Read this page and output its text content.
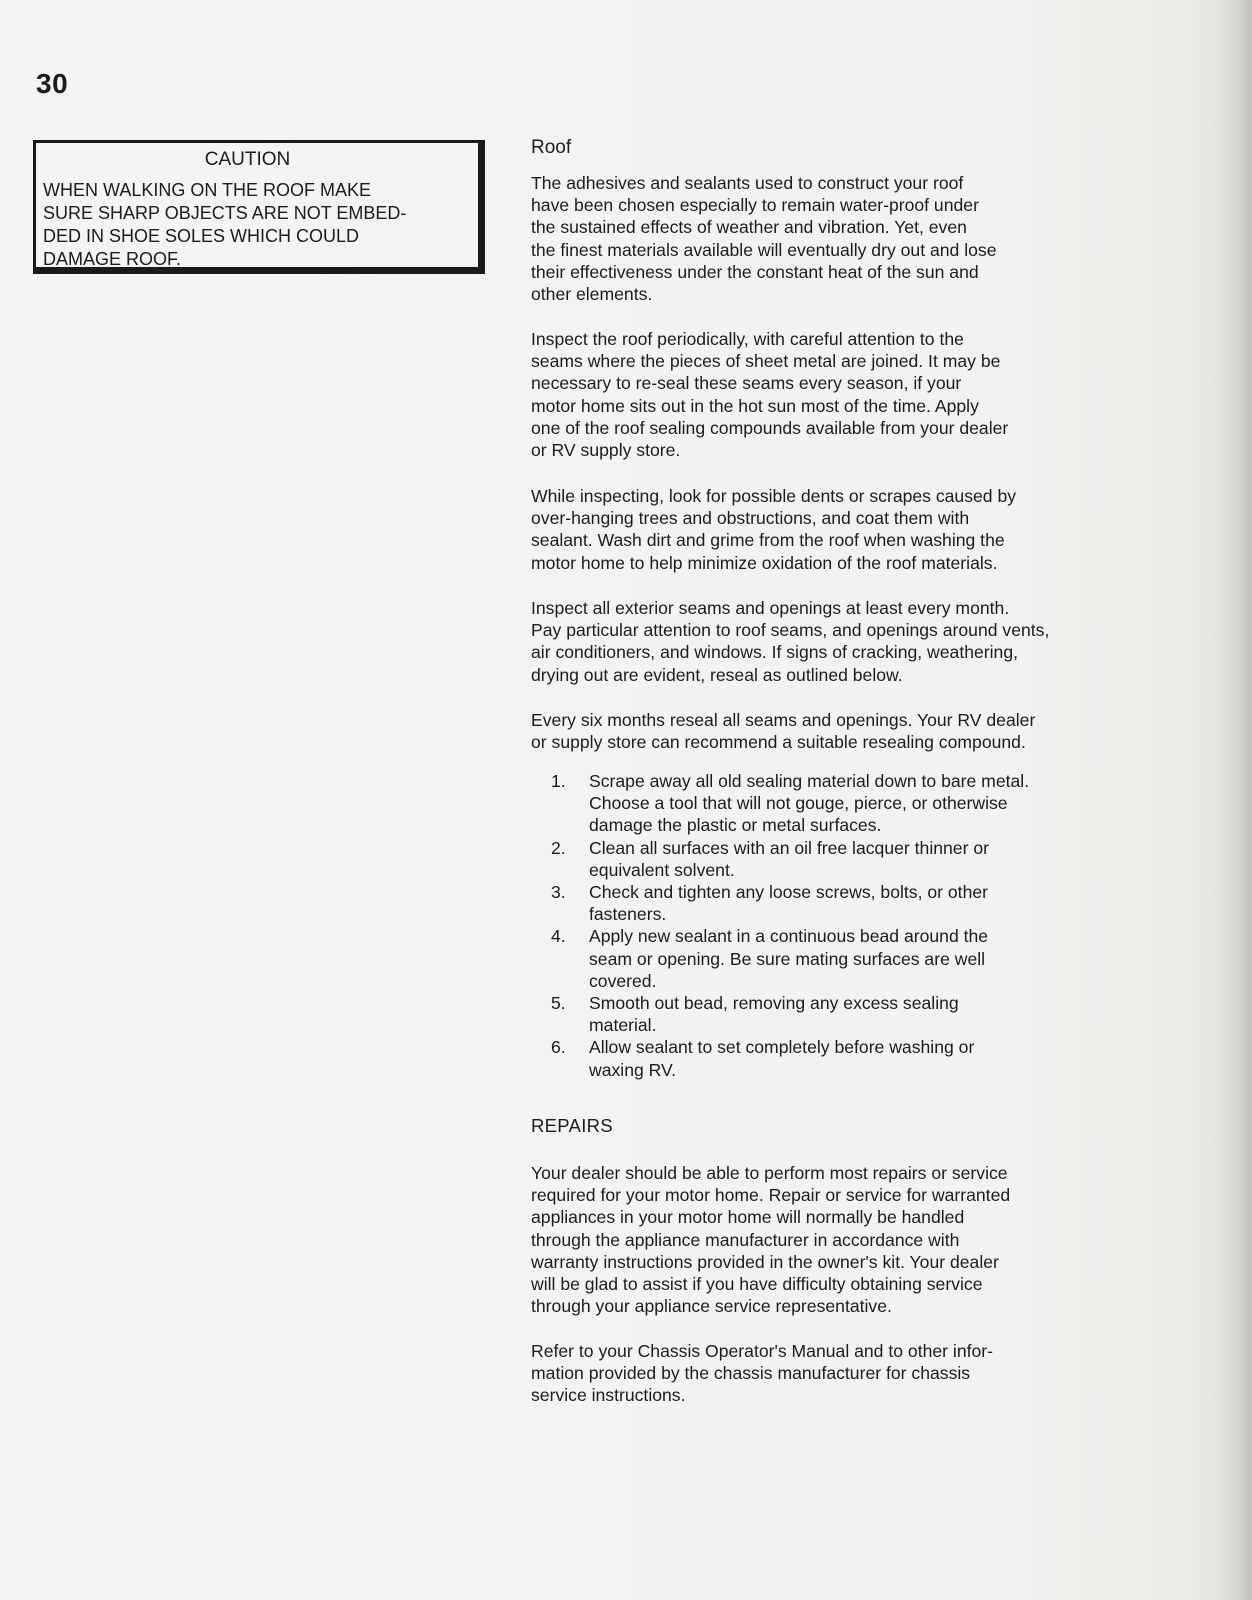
30
CAUTION
WHEN WALKING ON THE ROOF MAKE
SURE SHARP OBJECTS ARE NOT EMBED-
DED IN SHOE SOLES WHICH COULD
DAMAGE ROOF.
Roof
The adhesives and sealants used to construct your roof
have been chosen especially to remain water-proof under
the sustained effects of weather and vibration. Yet, even
the finest materials available will eventually dry out and lose
their effectiveness under the constant heat of the sun and
other elements.
Inspect the roof periodically, with careful attention to the
seams where the pieces of sheet metal are joined. It may be
necessary to re-seal these seams every season, if your
motor home sits out in the hot sun most of the time. Apply
one of the roof sealing compounds available from your dealer
or RV supply store.
While inspecting, look for possible dents or scrapes caused by
over-hanging trees and obstructions, and coat them with
sealant. Wash dirt and grime from the roof when washing the
motor home to help minimize oxidation of the roof materials.
Inspect all exterior seams and openings at least every month.
Pay particular attention to roof seams, and openings around vents,
air conditioners, and windows. If signs of cracking, weathering,
drying out are evident, reseal as outlined below.
Every six months reseal all seams and openings. Your RV dealer
or supply store can recommend a suitable resealing compound.
1.	Scrape away all old sealing material down to bare metal.
Choose a tool that will not gouge, pierce, or otherwise
damage the plastic or metal surfaces.
2.	Clean all surfaces with an oil free lacquer thinner or
equivalent solvent.
3.	Check and tighten any loose screws, bolts, or other
fasteners.
4.	Apply new sealant in a continuous bead around the
seam or opening. Be sure mating surfaces are well
covered.
5.	Smooth out bead, removing any excess sealing
material.
6.	Allow sealant to set completely before washing or
waxing RV.
REPAIRS
Your dealer should be able to perform most repairs or service
required for your motor home. Repair or service for warranted
appliances in your motor home will normally be handled
through the appliance manufacturer in accordance with
warranty instructions provided in the owner's kit. Your dealer
will be glad to assist if you have difficulty obtaining service
through your appliance service representative.
Refer to your Chassis Operator's Manual and to other infor-
mation provided by the chassis manufacturer for chassis
service instructions.
